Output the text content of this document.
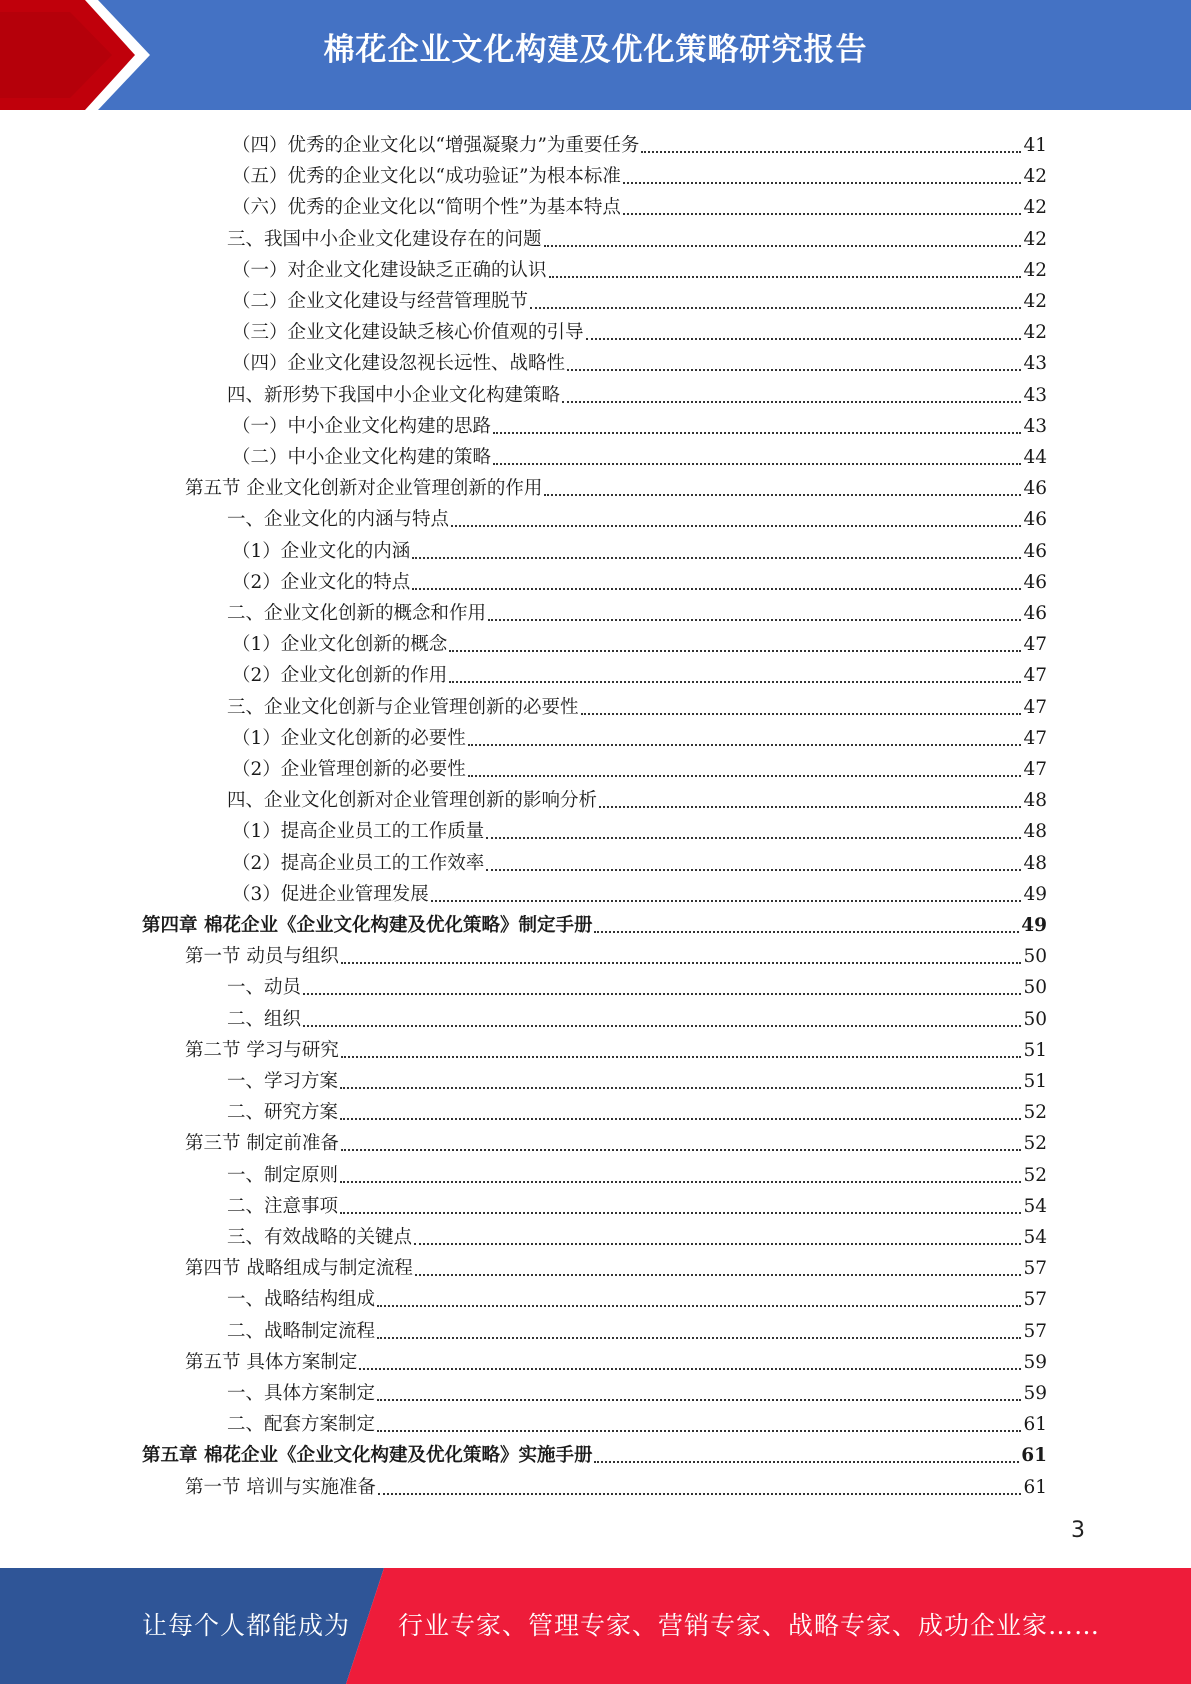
棉花企业文化构建及优化策略研究报告
（四）优秀的企业文化以“增强凝聚力”为重要任务	41
（五）优秀的企业文化以“成功验证”为根本标准	42
（六）优秀的企业文化以“简明个性”为基本特点	42
三、我国中小企业文化建设存在的问题	42
（一）对企业文化建设缺乏正确的认识	42
（二）企业文化建设与经营管理脱节	42
（三）企业文化建设缺乏核心价值观的引导	42
（四）企业文化建设忽视长远性、战略性	43
四、新形势下我国中小企业文化构建策略	43
（一）中小企业文化构建的思路	43
（二）中小企业文化构建的策略	44
第五节 企业文化创新对企业管理创新的作用	46
一、企业文化的内涵与特点	46
（1）企业文化的内涵	46
（2）企业文化的特点	46
二、企业文化创新的概念和作用	46
（1）企业文化创新的概念	47
（2）企业文化创新的作用	47
三、企业文化创新与企业管理创新的必要性	47
（1）企业文化创新的必要性	47
（2）企业管理创新的必要性	47
四、企业文化创新对企业管理创新的影响分析	48
（1）提高企业员工的工作质量	48
（2）提高企业员工的工作效率	48
（3）促进企业管理发展	49
第四章 棉花企业《企业文化构建及优化策略》制定手册	49
第一节 动员与组织	50
一、动员	50
二、组织	50
第二节 学习与研究	51
一、学习方案	51
二、研究方案	52
第三节 制定前准备	52
一、制定原则	52
二、注意事项	54
三、有效战略的关键点	54
第四节 战略组成与制定流程	57
一、战略结构组成	57
二、战略制定流程	57
第五节 具体方案制定	59
一、具体方案制定	59
二、配套方案制定	61
第五章 棉花企业《企业文化构建及优化策略》实施手册	61
第一节 培训与实施准备	61
3
让每个人都能成为 行业专家、管理专家、营销专家、战略专家、成功企业家……
